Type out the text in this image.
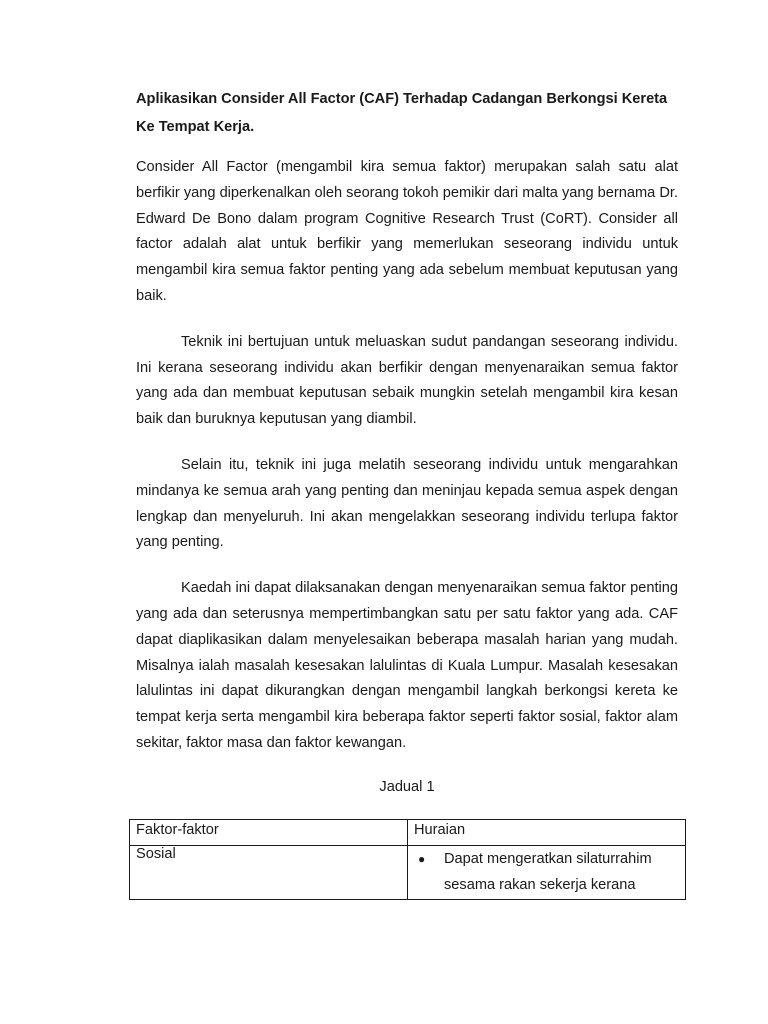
Aplikasikan Consider All Factor (CAF) Terhadap Cadangan Berkongsi Kereta Ke Tempat Kerja.

Consider All Factor (mengambil kira semua faktor) merupakan salah satu alat berfikir yang diperkenalkan oleh seorang tokoh pemikir dari malta yang bernama Dr. Edward De Bono dalam program Cognitive Research Trust (CoRT). Consider all factor adalah alat untuk berfikir yang memerlukan seseorang individu untuk mengambil kira semua faktor penting yang ada sebelum membuat keputusan yang baik.

Teknik ini bertujuan untuk meluaskan sudut pandangan seseorang individu. Ini kerana seseorang individu akan berfikir dengan menyenaraikan semua faktor yang ada dan membuat keputusan sebaik mungkin setelah mengambil kira kesan baik dan buruknya keputusan yang diambil.

Selain itu, teknik ini juga melatih seseorang individu untuk mengarahkan mindanya ke semua arah yang penting dan meninjau kepada semua aspek dengan lengkap dan menyeluruh. Ini akan mengelakkan seseorang individu terlupa faktor yang penting.

Kaedah ini dapat dilaksanakan dengan menyenaraikan semua faktor penting yang ada dan seterusnya mempertimbangkan satu per satu faktor yang ada. CAF dapat diaplikasikan dalam menyelesaikan beberapa masalah harian yang mudah. Misalnya ialah masalah kesesakan lalulintas di Kuala Lumpur. Masalah kesesakan lalulintas ini dapat dikurangkan dengan mengambil langkah berkongsi kereta ke tempat kerja serta mengambil kira beberapa faktor seperti faktor sosial, faktor alam sekitar, faktor masa dan faktor kewangan.

Jadual 1
Faktor-faktor	Huraian
Sosial	● Dapat mengeratkan silaturrahim
sesama rakan sekerja kerana
